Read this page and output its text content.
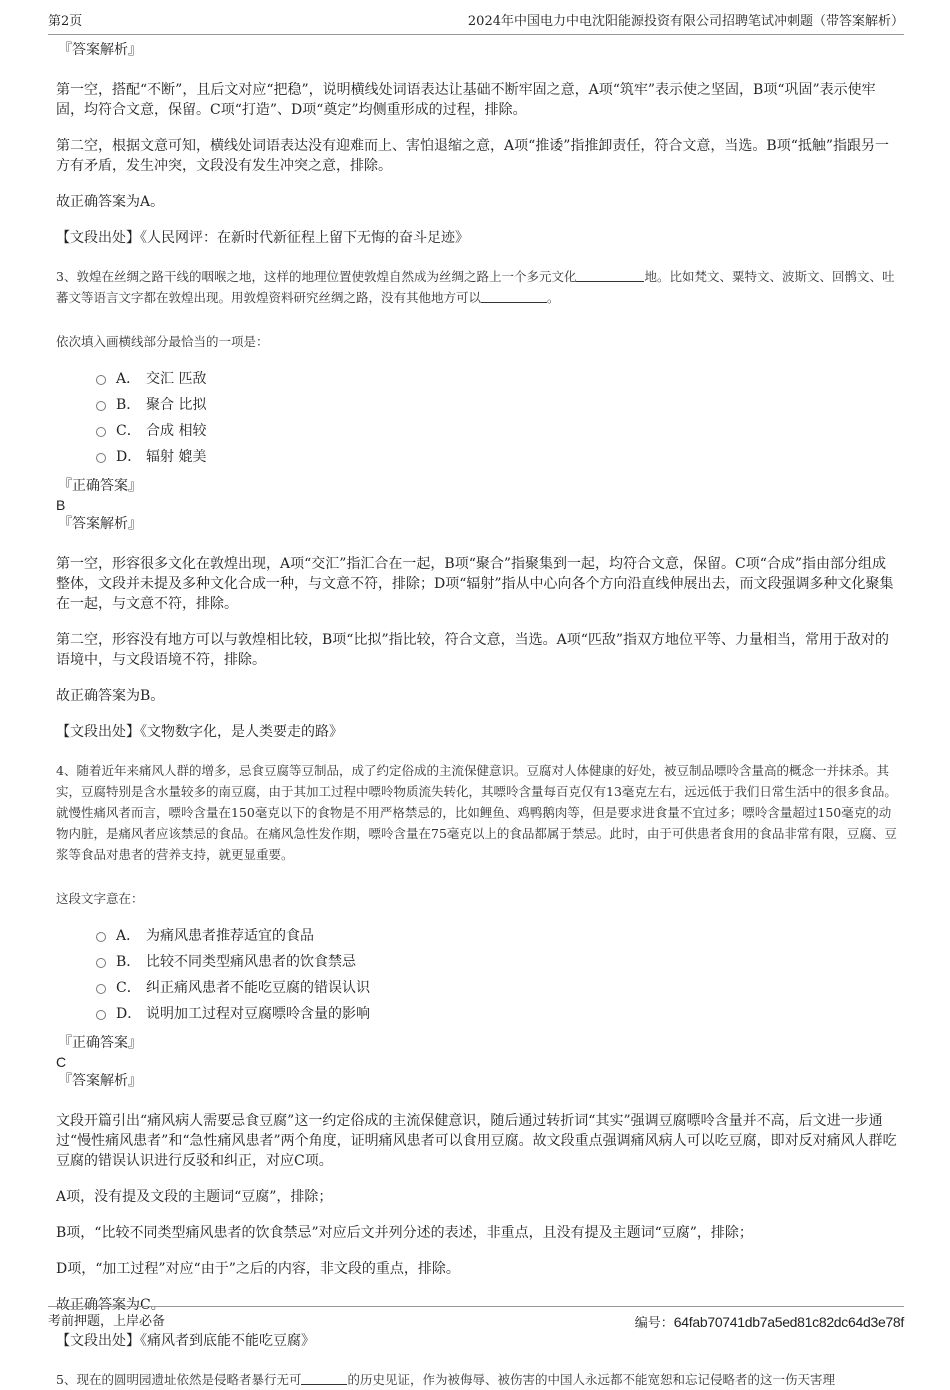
第2页	2024年中国电力中电沈阳能源投资有限公司招聘笔试冲刺题（带答案解析）
『答案解析』
第一空，搭配“不断”，且后文对应“把稳”，说明横线处词语表达让基础不断牢固之意，A项“筑牢”表示使之坚固，B项“巩固”表示使牢固，均符合文意，保留。C项“打造”、D项“奠定”均侧重形成的过程，排除。
第二空，根据文意可知，横线处词语表达没有迎难而上、害怕退缩之意，A项“推诿”指推卸责任，符合文意，当选。B项“抵触”指跟另一方有矛盾，发生冲突，文段没有发生冲突之意，排除。
故正确答案为A。
【文段出处】《人民网评：在新时代新征程上留下无悔的奋斗足迹》
3、敦煌在丝绸之路干线的咽喉之地，这样的地理位置使敦煌自然成为丝绸之路上一个多元文化	地。比如梵文、粟特文、波斯文、回鹘文、吐蕃文等语言文字都在敦煌出现。用敦煌资料研究丝绸之路，没有其他地方可以	。
依次填入画横线部分最恰当的一项是：
A． 交汇 匹敌
B． 聚合 比拟
C． 合成 相较
D． 辐射 媲美
『正确答案』
B
『答案解析』
第一空，形容很多文化在敦煌出现，A项“交汇”指汇合在一起，B项“聚合”指聚集到一起，均符合文意，保留。C项“合成”指由部分组成整体，文段并未提及多种文化合成一种，与文意不符，排除；D项“辐射”指从中心向各个方向沿直线伸展出去，而文段强调多种文化聚集在一起，与文意不符，排除。
第二空，形容没有地方可以与敦煌相比较，B项“比拟”指比较，符合文意，当选。A项“匹敌”指双方地位平等、力量相当，常用于敌对的语境中，与文段语境不符，排除。
故正确答案为B。
【文段出处】《文物数字化，是人类要走的路》
4、随着近年来痛风人群的增多，忌食豆腐等豆制品，成了约定俗成的主流保健意识。豆腐对人体健康的好处，被豆制品嘌呤含量高的概念一并抹杀。其实，豆腐特别是含水量较多的南豆腐，由于其加工过程中嘌呤物质流失转化，其嘌呤含量每百克仅有13毫克左右，远远低于我们日常生活中的很多食品。就慢性痛风者而言，嘌呤含量在150毫克以下的食物是不用严格禁忌的，比如鲤鱼、鸡鸭鹅肉等，但是要求进食量不宜过多；嘌呤含量超过150毫克的动物内脏，是痛风者应该禁忌的食品。在痛风急性发作期，嘌呤含量在75毫克以上的食品都属于禁忌。此时，由于可供患者食用的食品非常有限，豆腐、豆浆等食品对患者的营养支持，就更显重要。
这段文字意在：
A． 为痛风患者推荐适宜的食品
B． 比较不同类型痛风患者的饮食禁忌
C． 纠正痛风患者不能吃豆腐的错误认识
D． 说明加工过程对豆腐嘌呤含量的影响
『正确答案』
C
『答案解析』
文段开篇引出“痛风病人需要忌食豆腐”这一约定俗成的主流保健意识，随后通过转折词“其实”强调豆腐嘌呤含量并不高，后文进一步通过“慢性痛风患者”和“急性痛风患者”两个角度，证明痛风患者可以食用豆腐。故文段重点强调痛风病人可以吃豆腐，即对反对痛风人群吃豆腐的错误认识进行反驳和纠正，对应C项。
A项，没有提及文段的主题词“豆腐”，排除；
B项，“比较不同类型痛风患者的饮食禁忌”对应后文并列分述的表述，非重点，且没有提及主题词“豆腐”，排除；
D项，“加工过程”对应“由于”之后的内容，非文段的重点，排除。
故正确答案为C。
【文段出处】《痛风者到底能不能吃豆腐》
5、现在的圆明园遗址依然是侵略者暴行无可	的历史见证，作为被侮辱、被伤害的中国人永远都不能宽恕和忘记侵略者的这一伤天害理
考前押题，上岸必备	编号：64fab70741db7a5ed81c82dc64d3e78f
